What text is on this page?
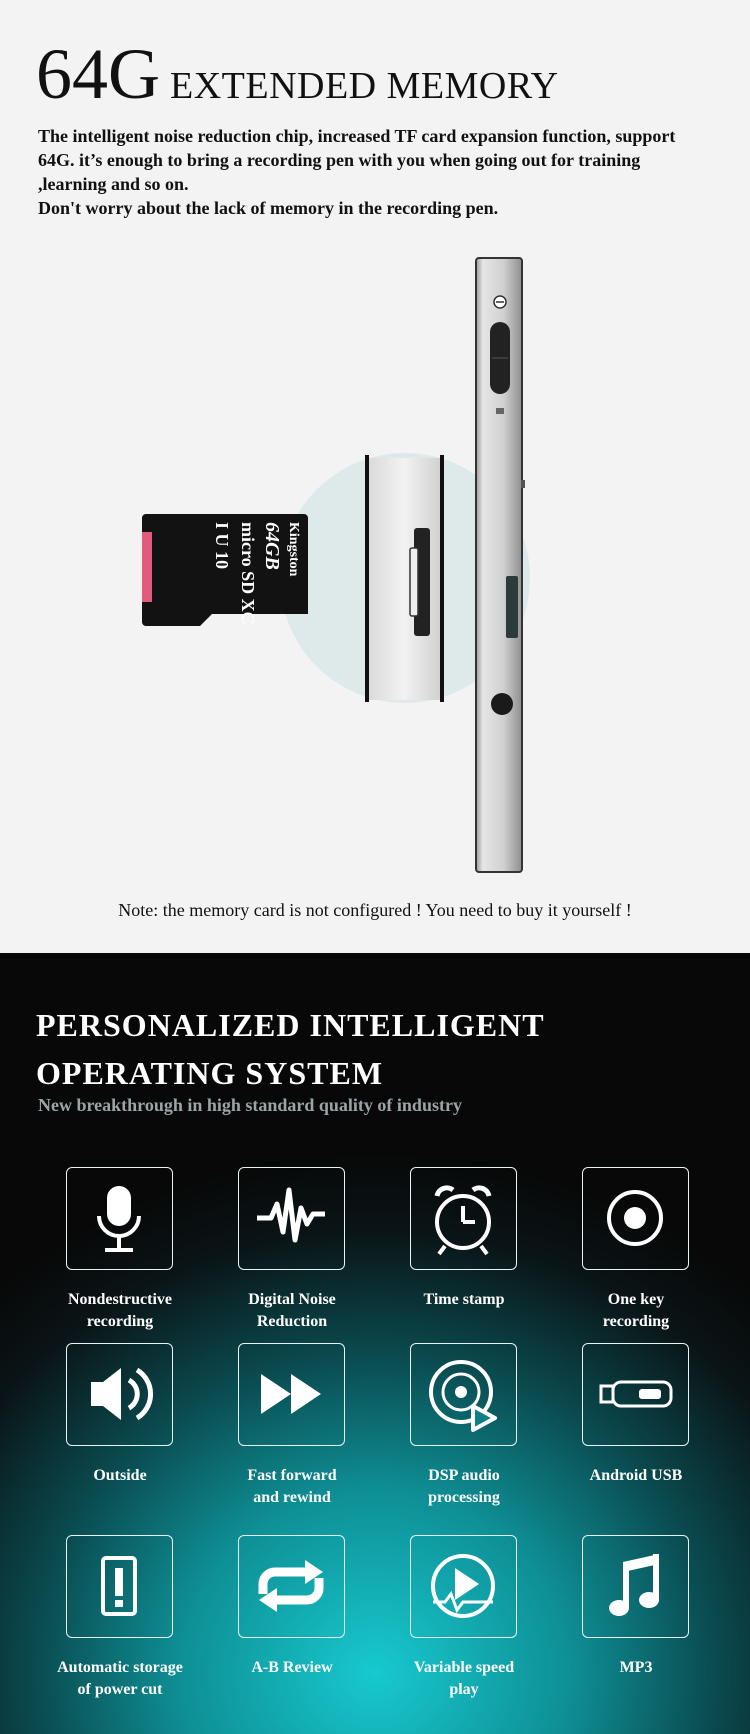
64G EXTENDED MEMORY

The intelligent noise reduction chip, increased TF card expansion function, support 64G. it’s enough to bring a recording pen with you when going out for training ,learning and so on.

Don't worry about the lack of memory in the recording pen.

Kingston
64GB
micro SD XC
I U 10
Note: the memory card is not configured ! You need to buy it yourself !
PERSONALIZED INTELLIGENT
OPERATING SYSTEM
New breakthrough in high standard quality of industry
Nondestructive
recording
Digital Noise
Reduction
Time stamp	One key
recording
Outside	Fast forward
and rewind
DSP audio
processing
Android USB
Automatic storage
of power cut
A-B Review	Variable speed
play
MP3
